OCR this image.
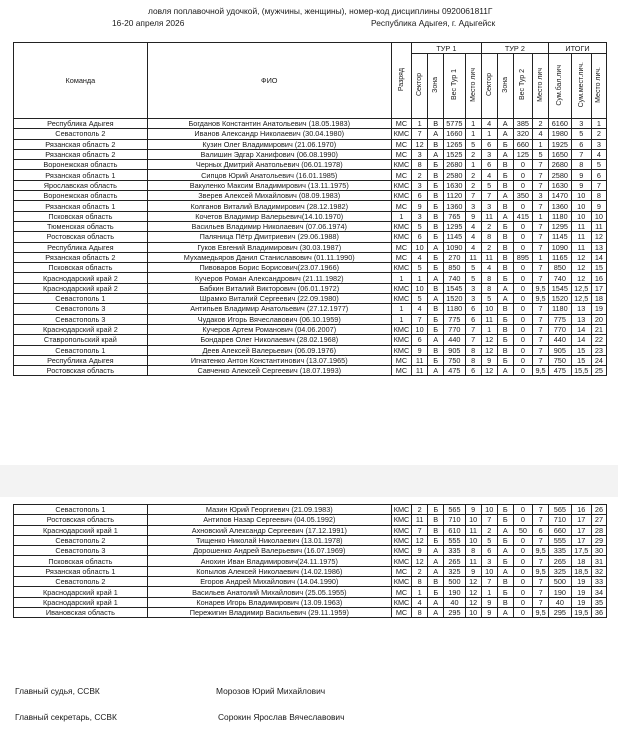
ловля поплавочной удочкой, (мужчины, женщины), номер-код дисциплины 0920061811Г
16-20 апреля 2026	Республика Адыгея, г. Адыгейск
Команда	ФИО	Разряд	ТУР 1				ТУР 2				ИТОГИ		
			Сектор	Зона	Вес Тур 1	Место лич	Сектор	Зона	Вес Тур 2	Место лич	Сум.бал.лич	Сум.мест.лич.	Место лич.
Республика Адыгея	Богданов Константин Анатольевич (18.05.1983)	МС	1	В	5775	1	4	А	385	2	6160	3	1
Севастополь 2	Иванов Александр Николаевич (30.04.1980)	КМС	7	А	1660	1	1	А	320	4	1980	5	2
Рязанская область 2	Кузин Олег Владимирович (21.06.1970)	МС	12	В	1265	5	6	Б	660	1	1925	6	3
Рязанская область 2	Валишин Эдгар Ханифович (06.08.1990)	МС	3	А	1525	2	3	А	125	5	1650	7	4
Воронежская область	Черных Дмитрий Анатольевич (06.01.1978)	КМС	8	Б	2680	1	6	В	0	7	2680	8	5
Рязанская область 1	Сипцов Юрий Анатольевич (16.01.1985)	МС	2	В	2580	2	4	Б	0	7	2580	9	6
Ярославская область	Вакуленко Максим Владимирович (13.11.1975)	КМС	3	Б	1630	2	5	В	0	7	1630	9	7
Воронежская область	Зверев Алексей Михайлович (08.09.1983)	КМС	6	В	1120	7	7	А	350	3	1470	10	8
Рязанская область 1	Колганов Виталий Владимирович (28.12.1982)	МС	9	Б	1360	3	3	В	0	7	1360	10	9
Псковская область	Кочетов Владимир Валерьевич(14.10.1970)	1	3	В	765	9	11	А	415	1	1180	10	10
Тюменская область	Васильев Владимир Николаевич (07.06.1974)	КМС	5	В	1295	4	2	Б	0	7	1295	11	11
Ростовская область	Паляница Пётр Дмитриевич (29.06.1988)	КМС	6	Б	1145	4	8	В	0	7	1145	11	12
Республика Адыгея	Гуков Евгений Владимирович (30.03.1987)	МС	10	А	1090	4	2	В	0	7	1090	11	13
Рязанская область 2	Мухамедьяров Данил Станиславович (01.11.1990)	МС	4	Б	270	11	11	В	895	1	1165	12	14
Псковская область	Пивоваров Борис Борисович(23.07.1966)	КМС	5	Б	850	5	4	В	0	7	850	12	15
Краснодарский край 2	Кучеров Роман Александрович (21.11.1982)	1	1	А	740	5	8	Б	0	7	740	12	16
Краснодарский край 2	Бабкин Виталий Викторович (06.01.1972)	КМС	10	В	1545	3	8	А	0	9,5	1545	12,5	17
Севастополь 1	Шрамко Виталий Сергеевич (22.09.1980)	КМС	5	А	1520	3	5	А	0	9,5	1520	12,5	18
Севастополь 3	Антипьев Владимир Анатольевич (27.12.1977)	1	4	В	1180	6	10	В	0	7	1180	13	19
Севастополь 3	Чудаков Игорь Вячеславович (06.10.1959)	1	7	Б	775	6	11	Б	0	7	775	13	20
Краснодарский край 2	Кучеров Артем Романович (04.06.2007)	КМС	10	Б	770	7	1	В	0	7	770	14	21
Ставропольский край	Бондарев Олег Николаевич (28.02.1968)	КМС	6	А	440	7	12	Б	0	7	440	14	22
Севастополь 1	Деев Алексей Валерьевич (06.09.1976)	КМС	9	В	905	8	12	В	0	7	905	15	23
Республика Адыгея	Игнатенко Антон Константинович (13.07.1965)	МС	11	Б	750	8	9	Б	0	7	750	15	24
Ростовская область	Савченко Алексей Сергеевич (18.07.1993)	МС	11	А	475	6	12	А	0	9,5	475	15,5	25
Севастополь 1	Мазин Юрий Георгиевич (21.09.1983)	КМС	2	Б	565	9	10	Б	0	7	565	16	26
Ростовская область	Антипов Назар Сергеевич (04.05.1992)	КМС	11	В	710	10	7	Б	0	7	710	17	27
Краснодарский край 1	Ахновский Александр Сергеевич (17.12.1991)	КМС	7	В	610	11	2	А	50	6	660	17	28
Севастополь 2	Тищенко Николай Николаевич (13.01.1978)	КМС	12	Б	555	10	5	Б	0	7	555	17	29
Севастополь 3	Дорошенко Андрей Валерьевич (16.07.1969)	КМС	9	А	335	8	6	А	0	9,5	335	17,5	30
Псковская область	Анохин Иван Владимирович(24.11.1975)	КМС	12	А	265	11	3	Б	0	7	265	18	31
Рязанская область 1	Копылов Алексей Николаевич (14.02.1986)	МС	2	А	325	9	10	А	0	9,5	325	18,5	32
Севастополь 2	Егоров Андрей Михайлович (14.04.1990)	КМС	8	В	500	12	7	В	0	7	500	19	33
Краснодарский край 1	Васильев Анатолий Михайлович (25.05.1955)	МС	1	Б	190	12	1	Б	0	7	190	19	34
Краснодарский край 1	Конарев Игорь Владимирович (13.09.1963)	КМС	4	А	40	12	9	В	0	7	40	19	35
Ивановская область	Пережигин Владимир Васильевич (29.11.1959)	МС	8	А	295	10	9	А	0	9,5	295	19,5	36
Главный судья, ССВК	Морозов Юрий Михайлович
Главный секретарь, ССВК	Сорокин Ярослав Вячеславович
